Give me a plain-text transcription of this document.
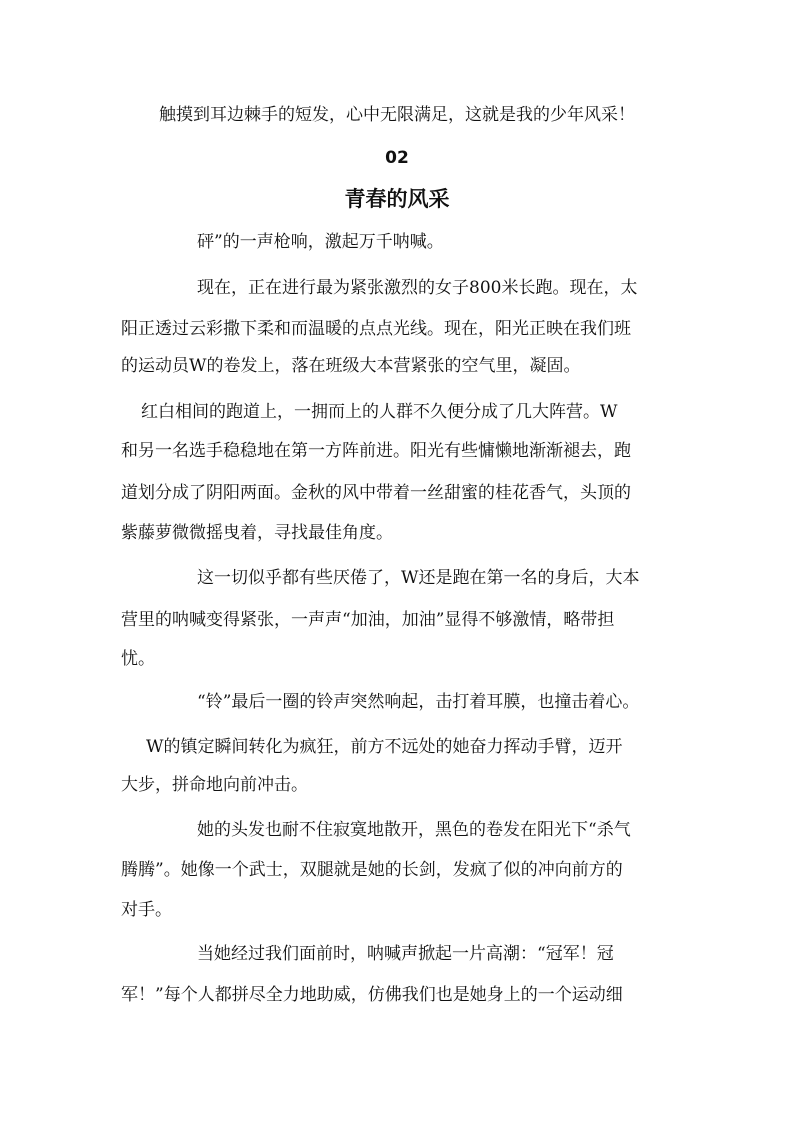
触摸到耳边棘手的短发，心中无限满足，这就是我的少年风采！
02
青春的风采
砰”的一声枪响，激起万千呐喊。
现在，正在进行最为紧张激烈的女子800米长跑。现在，太
阳正透过云彩撒下柔和而温暖的点点光线。现在，阳光正映在我们班
的运动员W的卷发上，落在班级大本营紧张的空气里，凝固。
红白相间的跑道上，一拥而上的人群不久便分成了几大阵营。W
和另一名选手稳稳地在第一方阵前进。阳光有些慵懒地渐渐褪去，跑
道划分成了阴阳两面。金秋的风中带着一丝甜蜜的桂花香气，头顶的
紫藤萝微微摇曳着，寻找最佳角度。
这一切似乎都有些厌倦了，W还是跑在第一名的身后，大本
营里的呐喊变得紧张，一声声“加油，加油”显得不够激情，略带担
忧。
“铃”最后一圈的铃声突然响起，击打着耳膜，也撞击着心。
W的镇定瞬间转化为疯狂，前方不远处的她奋力挥动手臂，迈开
大步，拼命地向前冲击。
她的头发也耐不住寂寞地散开，黑色的卷发在阳光下“杀气
腾腾”。她像一个武士，双腿就是她的长剑，发疯了似的冲向前方的
对手。
当她经过我们面前时，呐喊声掀起一片高潮：“冠军！冠
军！”每个人都拼尽全力地助威，仿佛我们也是她身上的一个运动细
